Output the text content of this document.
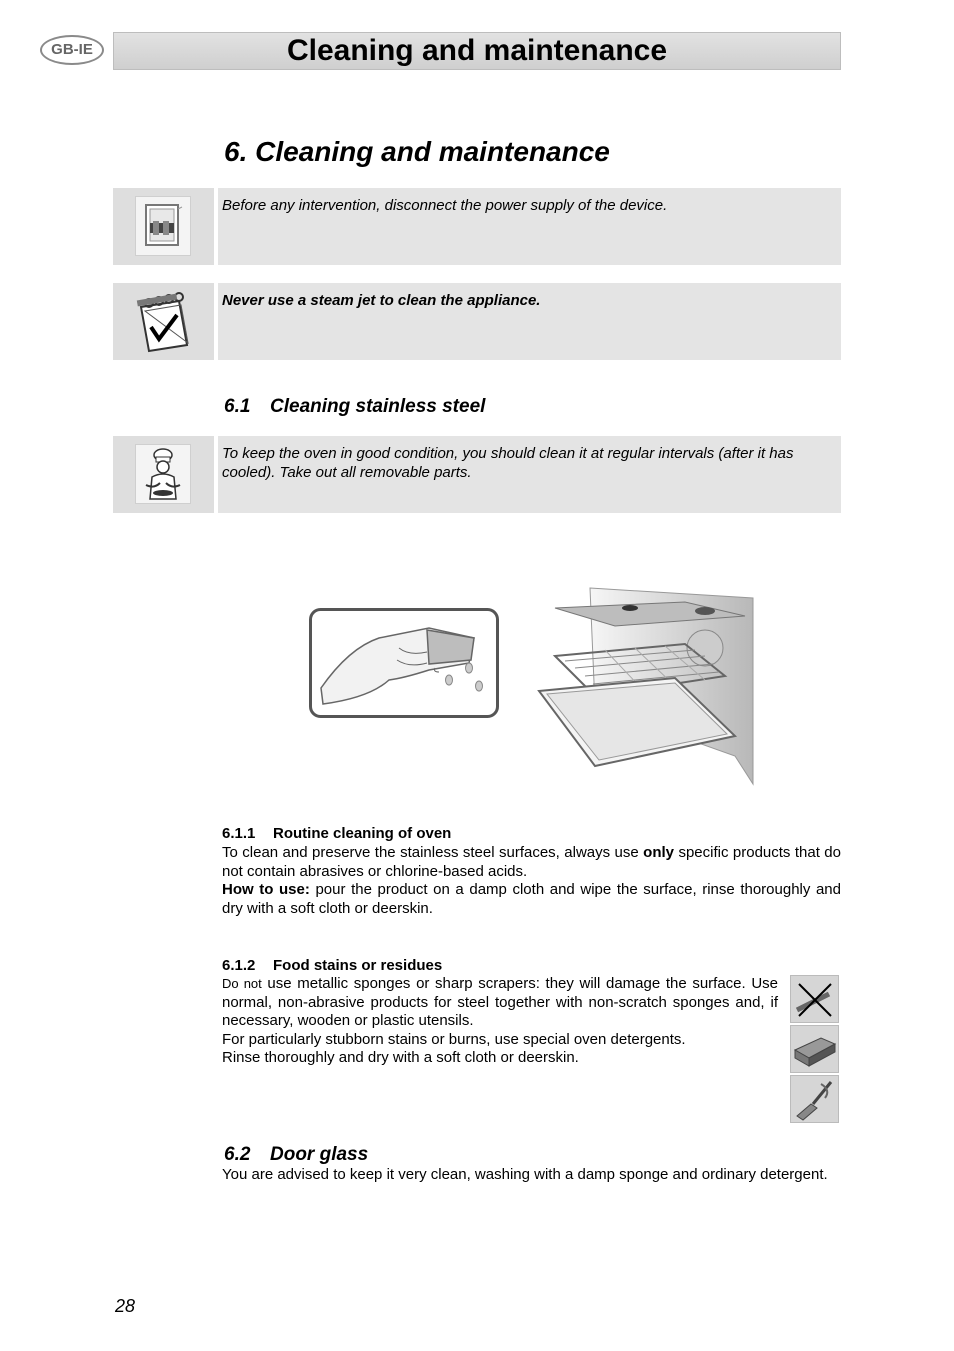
GB-IE	Cleaning and maintenance
6. Cleaning and maintenance
Before any intervention, disconnect the power supply of the device.
Never use a steam jet to clean the appliance.
6.1 Cleaning stainless steel
To keep the oven in good condition, you should clean it at regular intervals (after it has cooled). Take out all removable parts.
6.1.1 Routine cleaning of oven

To clean and preserve the stainless steel surfaces, always use only specific products that do not contain abrasives or chlorine-based acids.

How to use: pour the product on a damp cloth and wipe the surface, rinse thoroughly and dry with a soft cloth or deerskin.

6.1.2 Food stains or residues

Do not use metallic sponges or sharp scrapers: they will damage the surface. Use normal, non-abrasive products for steel together with non-scratch sponges and, if necessary, wooden or plastic utensils.

For particularly stubborn stains or burns, use special oven detergents.

Rinse thoroughly and dry with a soft cloth or deerskin.

6.2 Door glass

You are advised to keep it very clean, washing with a damp sponge and ordinary detergent.

28
